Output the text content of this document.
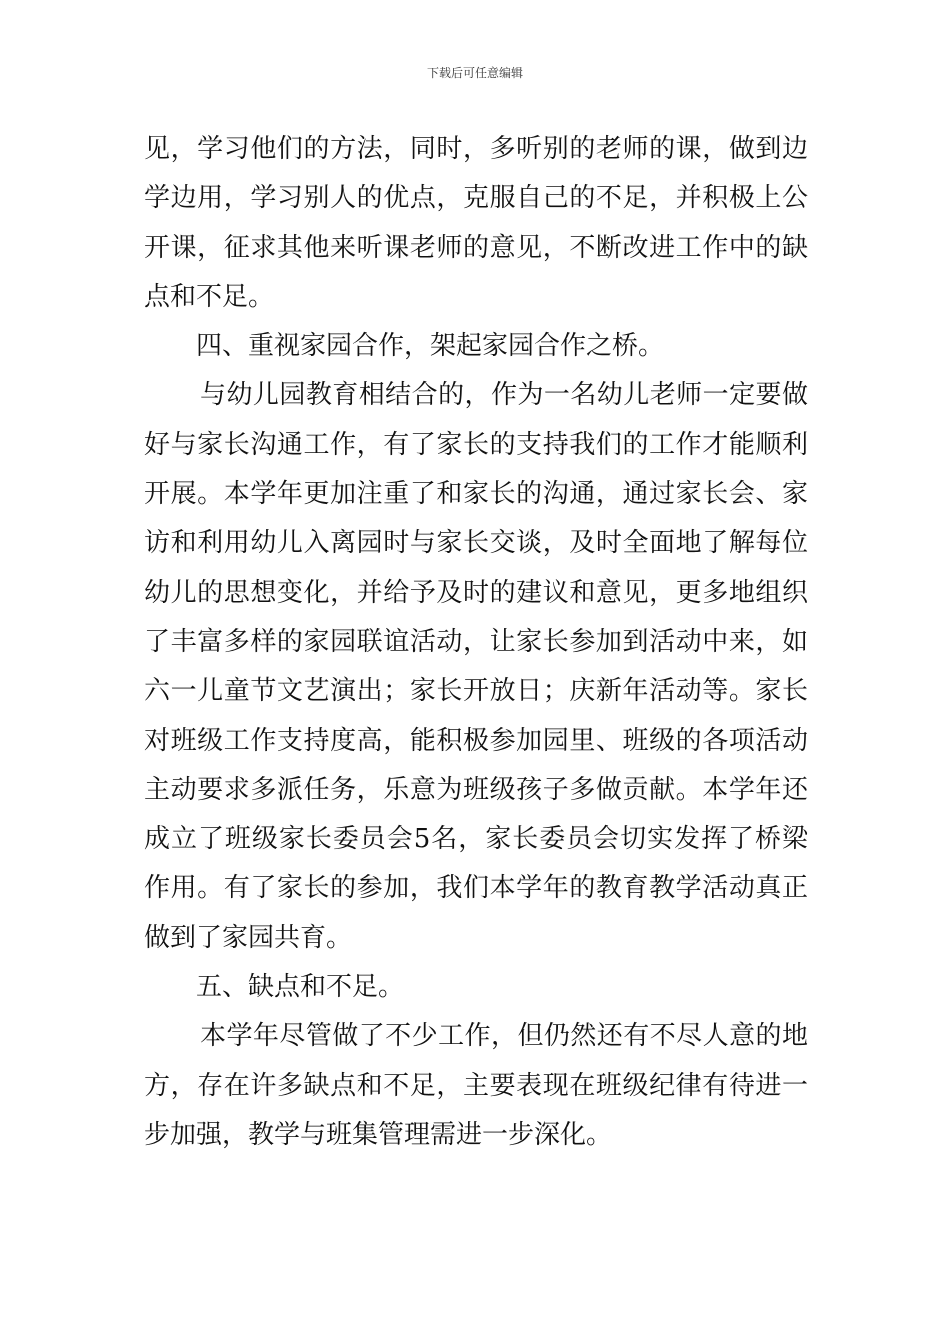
下载后可任意编辑

见，学习他们的方法，同时，多听别的老师的课，做到边学边用，学习别人的优点，克服自己的不足，并积极上公开课，征求其他来听课老师的意见，不断改进工作中的缺点和不足。

四、重视家园合作，架起家园合作之桥。

与幼儿园教育相结合的，作为一名幼儿老师一定要做好与家长沟通工作，有了家长的支持我们的工作才能顺利开展。本学年更加注重了和家长的沟通，通过家长会、家访和利用幼儿入离园时与家长交谈，及时全面地了解每位幼儿的思想变化，并给予及时的建议和意见，更多地组织了丰富多样的家园联谊活动，让家长参加到活动中来，如六一儿童节文艺演出；家长开放日；庆新年活动等。家长对班级工作支持度高，能积极参加园里、班级的各项活动主动要求多派任务，乐意为班级孩子多做贡献。本学年还成立了班级家长委员会5名，家长委员会切实发挥了桥梁作用。有了家长的参加，我们本学年的教育教学活动真正做到了家园共育。

五、缺点和不足。

本学年尽管做了不少工作，但仍然还有不尽人意的地方，存在许多缺点和不足，主要表现在班级纪律有待进一步加强，教学与班集管理需进一步深化。
